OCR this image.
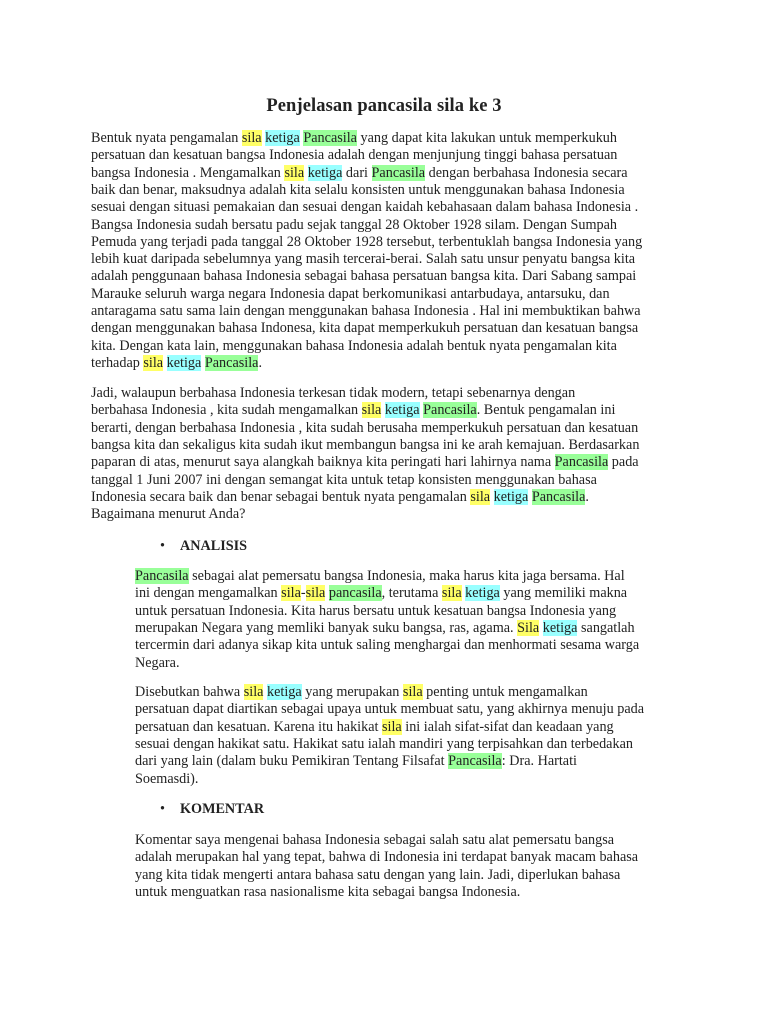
Penjelasan pancasila sila ke 3
• ANALISIS
• KOMENTAR
Bentuk nyata pengamalan sila ketiga Pancasila yang dapat kita lakukan untuk memperkukuh
persatuan dan kesatuan bangsa Indonesia adalah dengan menjunjung tinggi bahasa persatuan
bangsa Indonesia . Mengamalkan sila ketiga dari Pancasila dengan berbahasa Indonesia secara
baik dan benar, maksudnya adalah kita selalu konsisten untuk menggunakan bahasa Indonesia
sesuai dengan situasi pemakaian dan sesuai dengan kaidah kebahasaan dalam bahasa Indonesia .
Bangsa Indonesia sudah bersatu padu sejak tanggal 28 Oktober 1928 silam. Dengan Sumpah
Pemuda yang terjadi pada tanggal 28 Oktober 1928 tersebut, terbentuklah bangsa Indonesia yang
lebih kuat daripada sebelumnya yang masih tercerai-berai. Salah satu unsur penyatu bangsa kita
adalah penggunaan bahasa Indonesia sebagai bahasa persatuan bangsa kita. Dari Sabang sampai
Marauke seluruh warga negara Indonesia dapat berkomunikasi antarbudaya, antarsuku, dan
antaragama satu sama lain dengan menggunakan bahasa Indonesia . Hal ini membuktikan bahwa
dengan menggunakan bahasa Indonesa, kita dapat memperkukuh persatuan dan kesatuan bangsa
kita. Dengan kata lain, menggunakan bahasa Indonesia adalah bentuk nyata pengamalan kita
terhadap sila ketiga Pancasila.
Jadi, walaupun berbahasa Indonesia terkesan tidak modern, tetapi sebenarnya dengan
berbahasa Indonesia , kita sudah mengamalkan sila ketiga Pancasila. Bentuk pengamalan ini
berarti, dengan berbahasa Indonesia , kita sudah berusaha memperkukuh persatuan dan kesatuan
bangsa kita dan sekaligus kita sudah ikut membangun bangsa ini ke arah kemajuan. Berdasarkan
paparan di atas, menurut saya alangkah baiknya kita peringati hari lahirnya nama Pancasila pada
tanggal 1 Juni 2007 ini dengan semangat kita untuk tetap konsisten menggunakan bahasa
Indonesia secara baik dan benar sebagai bentuk nyata pengamalan sila ketiga Pancasila.
Bagaimana menurut Anda?
Pancasila sebagai alat pemersatu bangsa Indonesia, maka harus kita jaga bersama. Hal
ini dengan mengamalkan sila-sila pancasila, terutama sila ketiga yang memiliki makna
untuk persatuan Indonesia. Kita harus bersatu untuk kesatuan bangsa Indonesia yang
merupakan Negara yang memliki banyak suku bangsa, ras, agama. Sila ketiga sangatlah
tercermin dari adanya sikap kita untuk saling menghargai dan menhormati sesama warga
Negara.
Disebutkan bahwa sila ketiga yang merupakan sila penting untuk mengamalkan
persatuan dapat diartikan sebagai upaya untuk membuat satu, yang akhirnya menuju pada
persatuan dan kesatuan. Karena itu hakikat sila ini ialah sifat-sifat dan keadaan yang
sesuai dengan hakikat satu. Hakikat satu ialah mandiri yang terpisahkan dan terbedakan
dari yang lain (dalam buku Pemikiran Tentang Filsafat Pancasila: Dra. Hartati
Soemasdi).
Komentar saya mengenai bahasa Indonesia sebagai salah satu alat pemersatu bangsa
adalah merupakan hal yang tepat, bahwa di Indonesia ini terdapat banyak macam bahasa
yang kita tidak mengerti antara bahasa satu dengan yang lain. Jadi, diperlukan bahasa
untuk menguatkan rasa nasionalisme kita sebagai bangsa Indonesia.
